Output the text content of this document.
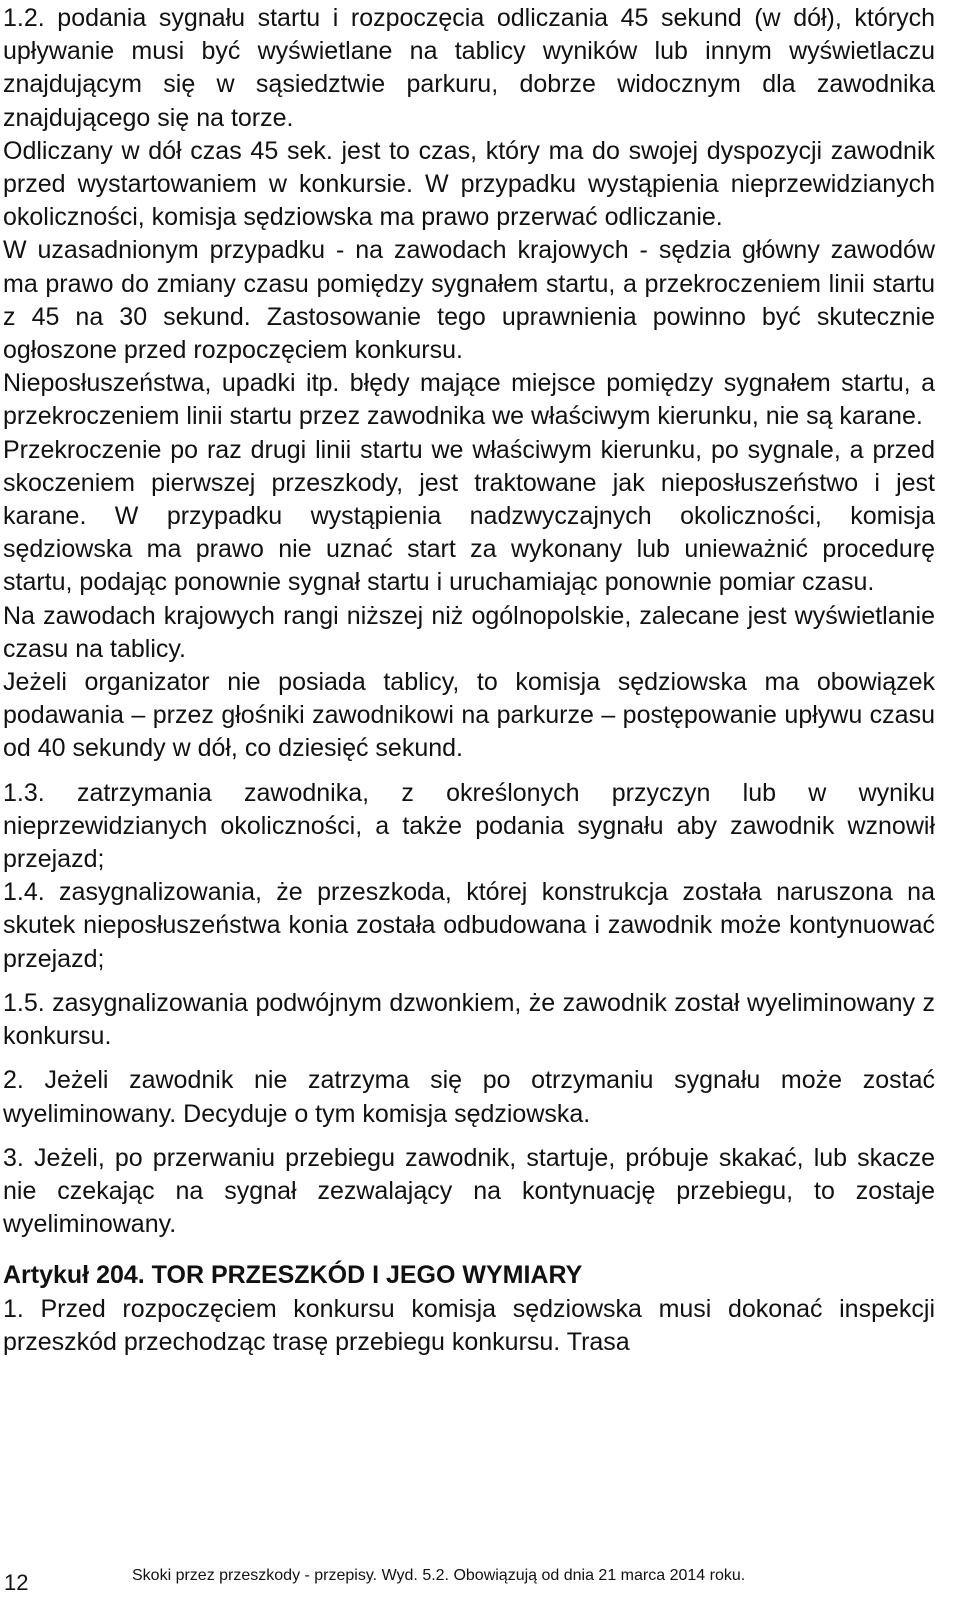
1.2. podania sygnału startu i rozpoczęcia odliczania 45 sekund (w dół), których upływanie musi być wyświetlane na tablicy wyników lub innym wyświetlaczu znajdującym się w sąsiedztwie parkuru, dobrze widocznym dla zawodnika znajdującego się na torze.

Odliczany w dół czas 45 sek. jest to czas, który ma do swojej dyspozycji zawodnik przed wystartowaniem w konkursie. W przypadku wystąpienia nieprzewidzianych okoliczności, komisja sędziowska ma prawo przerwać odliczanie.

W uzasadnionym przypadku - na zawodach krajowych - sędzia główny zawodów ma prawo do zmiany czasu pomiędzy sygnałem startu, a przekroczeniem linii startu z 45 na 30 sekund. Zastosowanie tego uprawnienia powinno być skutecznie ogłoszone przed rozpoczęciem konkursu.

Nieposłuszeństwa, upadki itp. błędy mające miejsce pomiędzy sygnałem startu, a przekroczeniem linii startu przez zawodnika we właściwym kierunku, nie są karane.

Przekroczenie po raz drugi linii startu we właściwym kierunku, po sygnale, a przed skoczeniem pierwszej przeszkody, jest traktowane jak nieposłuszeństwo i jest karane. W przypadku wystąpienia nadzwyczajnych okoliczności, komisja sędziowska ma prawo nie uznać start za wykonany lub unieważnić procedurę startu, podając ponownie sygnał startu i uruchamiając ponownie pomiar czasu.

Na zawodach krajowych rangi niższej niż ogólnopolskie, zalecane jest wyświetlanie czasu na tablicy.

Jeżeli organizator nie posiada tablicy, to komisja sędziowska ma obowiązek podawania – przez głośniki zawodnikowi na parkurze – postępowanie upływu czasu od 40 sekundy w dół, co dziesięć sekund.

1.3. zatrzymania zawodnika, z określonych przyczyn lub w wyniku nieprzewidzianych okoliczności, a także podania sygnału aby zawodnik wznowił przejazd;

1.4. zasygnalizowania, że przeszkoda, której konstrukcja została naruszona na skutek nieposłuszeństwa konia została odbudowana i zawodnik może kontynuować przejazd;

1.5. zasygnalizowania podwójnym dzwonkiem, że zawodnik został wyeliminowany z konkursu.

2. Jeżeli zawodnik nie zatrzyma się po otrzymaniu sygnału może zostać wyeliminowany. Decyduje o tym komisja sędziowska.

3. Jeżeli, po przerwaniu przebiegu zawodnik, startuje, próbuje skakać, lub skacze nie czekając na sygnał zezwalający na kontynuację przebiegu, to zostaje wyeliminowany.

Artykuł 204. TOR PRZESZKÓD I JEGO WYMIARY

1. Przed rozpoczęciem konkursu komisja sędziowska musi dokonać inspekcji przeszkód przechodząc trasę przebiegu konkursu. Trasa

12	Skoki przez przeszkody - przepisy. Wyd. 5.2. Obowiązują od dnia 21 marca 2014 roku.
